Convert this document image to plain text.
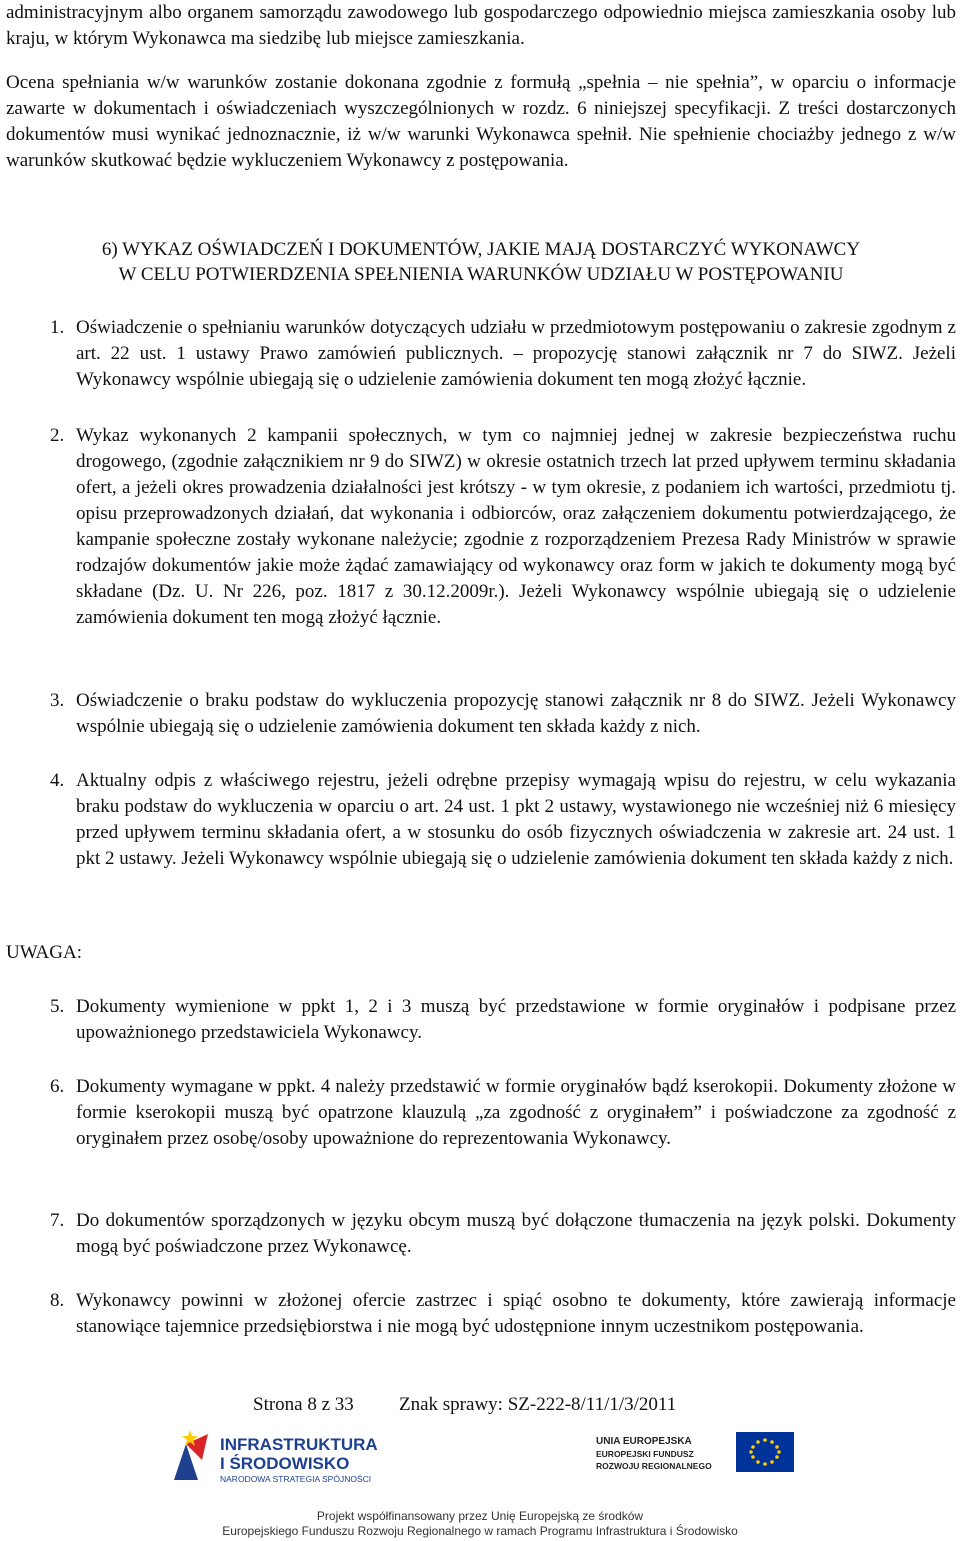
administracyjnym albo organem samorządu zawodowego lub gospodarczego odpowiednio miejsca zamieszkania osoby lub kraju, w którym Wykonawca ma siedzibę lub miejsce zamieszkania.

Ocena spełniania w/w warunków zostanie dokonana zgodnie z formułą „spełnia – nie spełnia”, w oparciu o informacje zawarte w dokumentach i oświadczeniach wyszczególnionych w rozdz. 6 niniejszej specyfikacji. Z treści dostarczonych dokumentów musi wynikać jednoznacznie, iż w/w warunki Wykonawca spełnił. Nie spełnienie chociażby jednego z w/w warunków skutkować będzie wykluczeniem Wykonawcy z postępowania.

6) WYKAZ OŚWIADCZEŃ I DOKUMENTÓW, JAKIE MAJĄ DOSTARCZYĆ WYKONAWCY

W CELU POTWIERDZENIA SPEŁNIENIA WARUNKÓW UDZIAŁU W POSTĘPOWANIU

1. Oświadczenie o spełnianiu warunków dotyczących udziału w przedmiotowym postępowaniu o zakresie zgodnym z art. 22 ust. 1 ustawy Prawo zamówień publicznych. – propozycję stanowi załącznik nr 7 do SIWZ. Jeżeli Wykonawcy wspólnie ubiegają się o udzielenie zamówienia dokument ten mogą złożyć łącznie.
2. Wykaz wykonanych 2 kampanii społecznych, w tym co najmniej jednej w zakresie bezpieczeństwa ruchu drogowego, (zgodnie załącznikiem nr 9 do SIWZ) w okresie ostatnich trzech lat przed upływem terminu składania ofert, a jeżeli okres prowadzenia działalności jest krótszy - w tym okresie, z podaniem ich wartości, przedmiotu tj. opisu przeprowadzonych działań, dat wykonania i odbiorców, oraz załączeniem dokumentu potwierdzającego, że kampanie społeczne zostały wykonane należycie; zgodnie z rozporządzeniem Prezesa Rady Ministrów w sprawie rodzajów dokumentów jakie może żądać zamawiający od wykonawcy oraz form w jakich te dokumenty mogą być składane (Dz. U. Nr 226, poz. 1817 z 30.12.2009r.). Jeżeli Wykonawcy wspólnie ubiegają się o udzielenie zamówienia dokument ten mogą złożyć łącznie.
3. Oświadczenie o braku podstaw do wykluczenia propozycję stanowi załącznik nr 8 do SIWZ. Jeżeli Wykonawcy wspólnie ubiegają się o udzielenie zamówienia dokument ten składa każdy z nich.
4. Aktualny odpis z właściwego rejestru, jeżeli odrębne przepisy wymagają wpisu do rejestru, w celu wykazania braku podstaw do wykluczenia w oparciu o art. 24 ust. 1 pkt 2 ustawy, wystawionego nie wcześniej niż 6 miesięcy przed upływem terminu składania ofert, a w stosunku do osób fizycznych oświadczenia w zakresie art. 24 ust. 1 pkt 2 ustawy. Jeżeli Wykonawcy wspólnie ubiegają się o udzielenie zamówienia dokument ten składa każdy z nich.

UWAGA:

5. Dokumenty wymienione w ppkt 1, 2 i 3 muszą być przedstawione w formie oryginałów i podpisane przez upoważnionego przedstawiciela Wykonawcy.
6. Dokumenty wymagane w ppkt. 4 należy przedstawić w formie oryginałów bądź kserokopii. Dokumenty złożone w formie kserokopii muszą być opatrzone klauzulą „za zgodność z oryginałem” i poświadczone za zgodność z oryginałem przez osobę/osoby upoważnione do reprezentowania Wykonawcy.
7. Do dokumentów sporządzonych w języku obcym muszą być dołączone tłumaczenia na język polski. Dokumenty mogą być poświadczone przez Wykonawcę.
8. Wykonawcy powinni w złożonej ofercie zastrzec i spiąć osobno te dokumenty, które zawierają informacje stanowiące tajemnice przedsiębiorstwa i nie mogą być udostępnione innym uczestnikom postępowania.
Strona 8 z 33 Znak sprawy: SZ-222-8/11/1/3/2011
INFRASTRUKTURA
I ŚRODOWISKO
NARODOWA STRATEGIA SPÓJNOŚCI
UNIA EUROPEJSKA
EUROPEJSKI FUNDUSZ
ROZWOJU REGIONALNEGO
Projekt współfinansowany przez Unię Europejską ze środków
Europejskiego Funduszu Rozwoju Regionalnego w ramach Programu Infrastruktura i Środowisko
